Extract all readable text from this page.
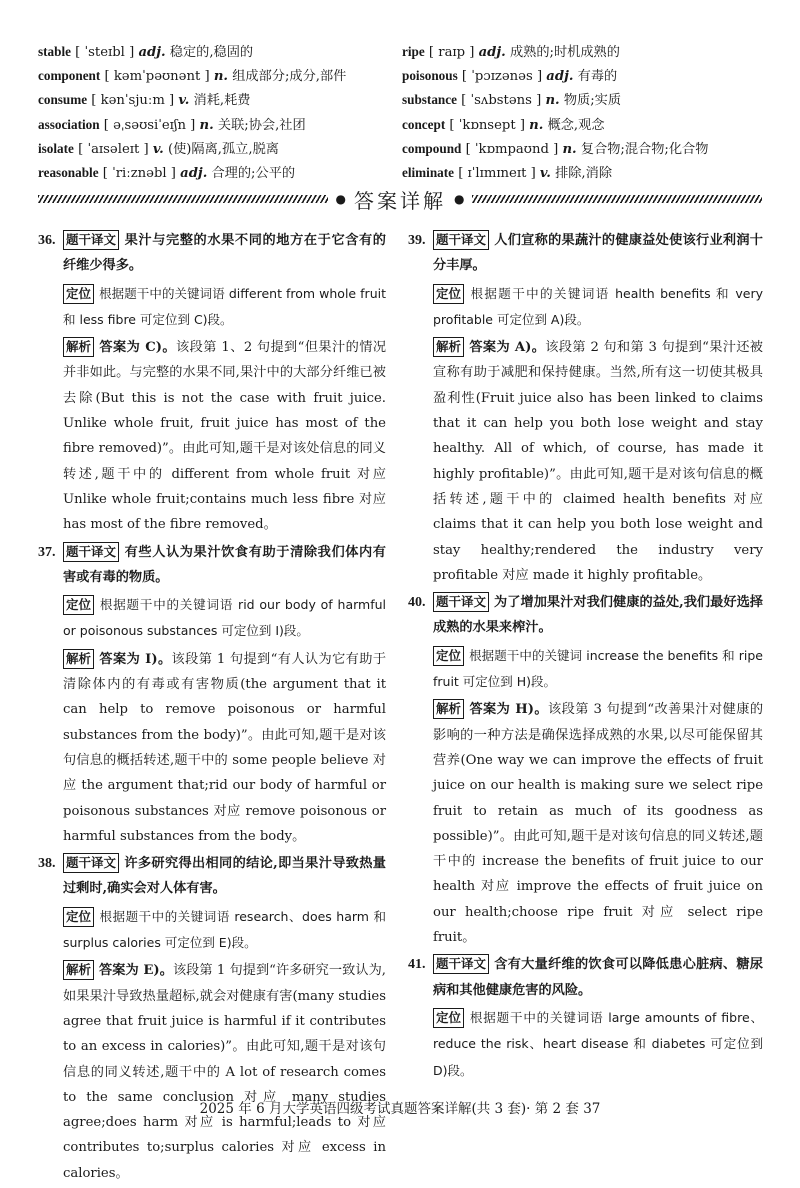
stable [ ˈsteɪbl ] adj. 稳定的,稳固的
component [ kəmˈpəʊnənt ] n. 组成部分;成分,部件
consume [ kənˈsjuːm ] v. 消耗,耗费
association [ əˌsəʊsiˈeɪʃn ] n. 关联;协会,社团
isolate [ ˈaɪsəleɪt ] v. (使)隔离,孤立,脱离
reasonable [ ˈriːznəbl ] adj. 合理的;公平的
ripe [ raɪp ] adj. 成熟的;时机成熟的
poisonous [ ˈpɔɪzənəs ] adj. 有毒的
substance [ ˈsʌbstəns ] n. 物质;实质
concept [ ˈkɒnsept ] n. 概念,观念
compound [ ˈkɒmpaʊnd ] n. 复合物;混合物;化合物
eliminate [ ɪˈlɪmɪneɪt ] v. 排除,消除
● 答案详解 ●
36. 题干译文 果汁与完整的水果不同的地方在于它含有的纤维少得多。
定位 根据题干中的关键词语 different from whole fruit 和 less fibre 可定位到 C)段。
解析 答案为 C)。该段第 1、2 句提到“但果汁的情况并非如此。与完整的水果不同,果汁中的大部分纤维已被去除(But this is not the case with fruit juice. Unlike whole fruit, fruit juice has most of the fibre removed)”。由此可知,题干是对该处信息的同义转述,题干中的 different from whole fruit 对应 Unlike whole fruit;contains much less fibre 对应 has most of the fibre removed。
37. 题干译文 有些人认为果汁饮食有助于清除我们体内有害或有毒的物质。
定位 根据题干中的关键词语 rid our body of harmful or poisonous substances 可定位到 I)段。
解析 答案为 I)。该段第 1 句提到“有人认为它有助于清除体内的有毒或有害物质(the argument that it can help to remove poisonous or harmful substances from the body)”。由此可知,题干是对该句信息的概括转述,题干中的 some people believe 对应 the argument that;rid our body of harmful or poisonous substances 对应 remove poisonous or harmful substances from the body。
38. 题干译文 许多研究得出相同的结论,即当果汁导致热量过剩时,确实会对人体有害。
定位 根据题干中的关键词语 research、does harm 和 surplus calories 可定位到 E)段。
解析 答案为 E)。该段第 1 句提到“许多研究一致认为,如果果汁导致热量超标,就会对健康有害(many studies agree that fruit juice is harmful if it contributes to an excess in calories)”。由此可知,题干是对该句信息的同义转述,题干中的 A lot of research comes to the same conclusion 对应 many studies agree;does harm 对应 is harmful;leads to 对应 contributes to;surplus calories 对应 excess in calories。
39. 题干译文 人们宣称的果蔬汁的健康益处使该行业利润十分丰厚。
定位 根据题干中的关键词语 health benefits 和 very profitable 可定位到 A)段。
解析 答案为 A)。该段第 2 句和第 3 句提到“果汁还被宣称有助于减肥和保持健康。当然,所有这一切使其极具盈利性(Fruit juice also has been linked to claims that it can help you both lose weight and stay healthy. All of which, of course, has made it highly profitable)”。由此可知,题干是对该句信息的概括转述,题干中的 claimed health benefits 对应 claims that it can help you both lose weight and stay healthy;rendered the industry very profitable 对应 made it highly profitable。
40. 题干译文 为了增加果汁对我们健康的益处,我们最好选择成熟的水果来榨汁。
定位 根据题干中的关键词 increase the benefits 和 ripe fruit 可定位到 H)段。
解析 答案为 H)。该段第 3 句提到“改善果汁对健康的影响的一种方法是确保选择成熟的水果,以尽可能保留其营养(One way we can improve the effects of fruit juice on our health is making sure we select ripe fruit to retain as much of its goodness as possible)”。由此可知,题干是对该句信息的同义转述,题干中的 increase the benefits of fruit juice to our health 对应 improve the effects of fruit juice on our health;choose ripe fruit 对应 select ripe fruit。
41. 题干译文 含有大量纤维的饮食可以降低患心脏病、糖尿病和其他健康危害的风险。
定位 根据题干中的关键词语 large amounts of fibre、reduce the risk、heart disease 和 diabetes 可定位到 D)段。
2025 年 6 月大学英语四级考试真题答案详解(共 3 套)· 第 2 套 37
